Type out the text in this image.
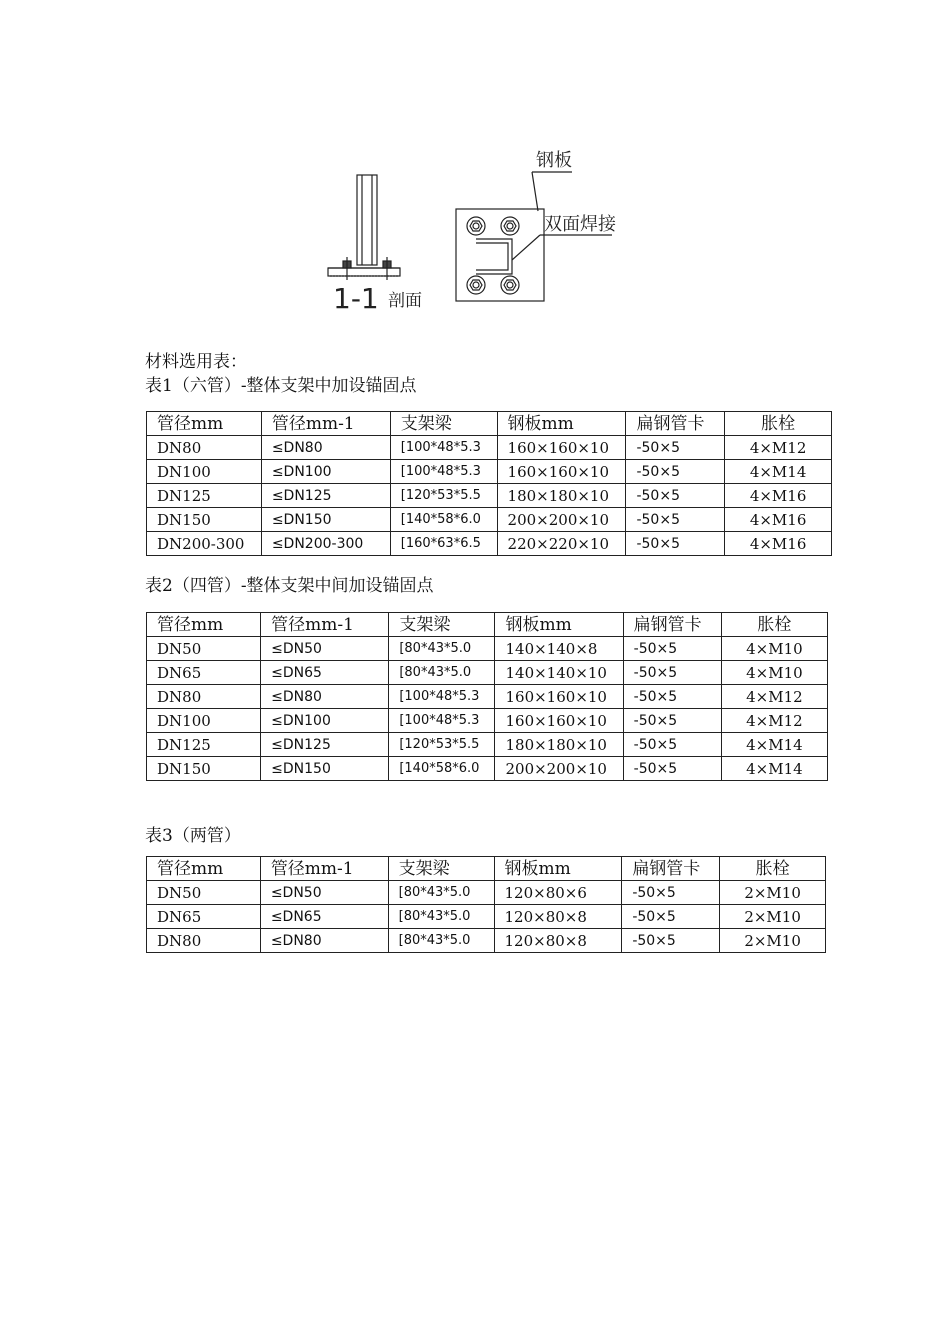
1-1 剖面
钢板
双面焊接
材料选用表：
表1（六管）-整体支架中加设锚固点
管径mm	管径mm-1	支架梁	钢板mm	扁钢管卡	胀栓
DN80	≤DN80	[100*48*5.3	160×160×10	-50×5	4×M12
DN100	≤DN100	[100*48*5.3	160×160×10	-50×5	4×M14
DN125	≤DN125	[120*53*5.5	180×180×10	-50×5	4×M16
DN150	≤DN150	[140*58*6.0	200×200×10	-50×5	4×M16
DN200-300	≤DN200-300	[160*63*6.5	220×220×10	-50×5	4×M16
表2（四管）-整体支架中间加设锚固点
管径mm	管径mm-1	支架梁	钢板mm	扁钢管卡	胀栓
DN50	≤DN50	[80*43*5.0	140×140×8	-50×5	4×M10
DN65	≤DN65	[80*43*5.0	140×140×10	-50×5	4×M10
DN80	≤DN80	[100*48*5.3	160×160×10	-50×5	4×M12
DN100	≤DN100	[100*48*5.3	160×160×10	-50×5	4×M12
DN125	≤DN125	[120*53*5.5	180×180×10	-50×5	4×M14
DN150	≤DN150	[140*58*6.0	200×200×10	-50×5	4×M14
表3（两管）
管径mm	管径mm-1	支架梁	钢板mm	扁钢管卡	胀栓
DN50	≤DN50	[80*43*5.0	120×80×6	-50×5	2×M10
DN65	≤DN65	[80*43*5.0	120×80×8	-50×5	2×M10
DN80	≤DN80	[80*43*5.0	120×80×8	-50×5	2×M10
